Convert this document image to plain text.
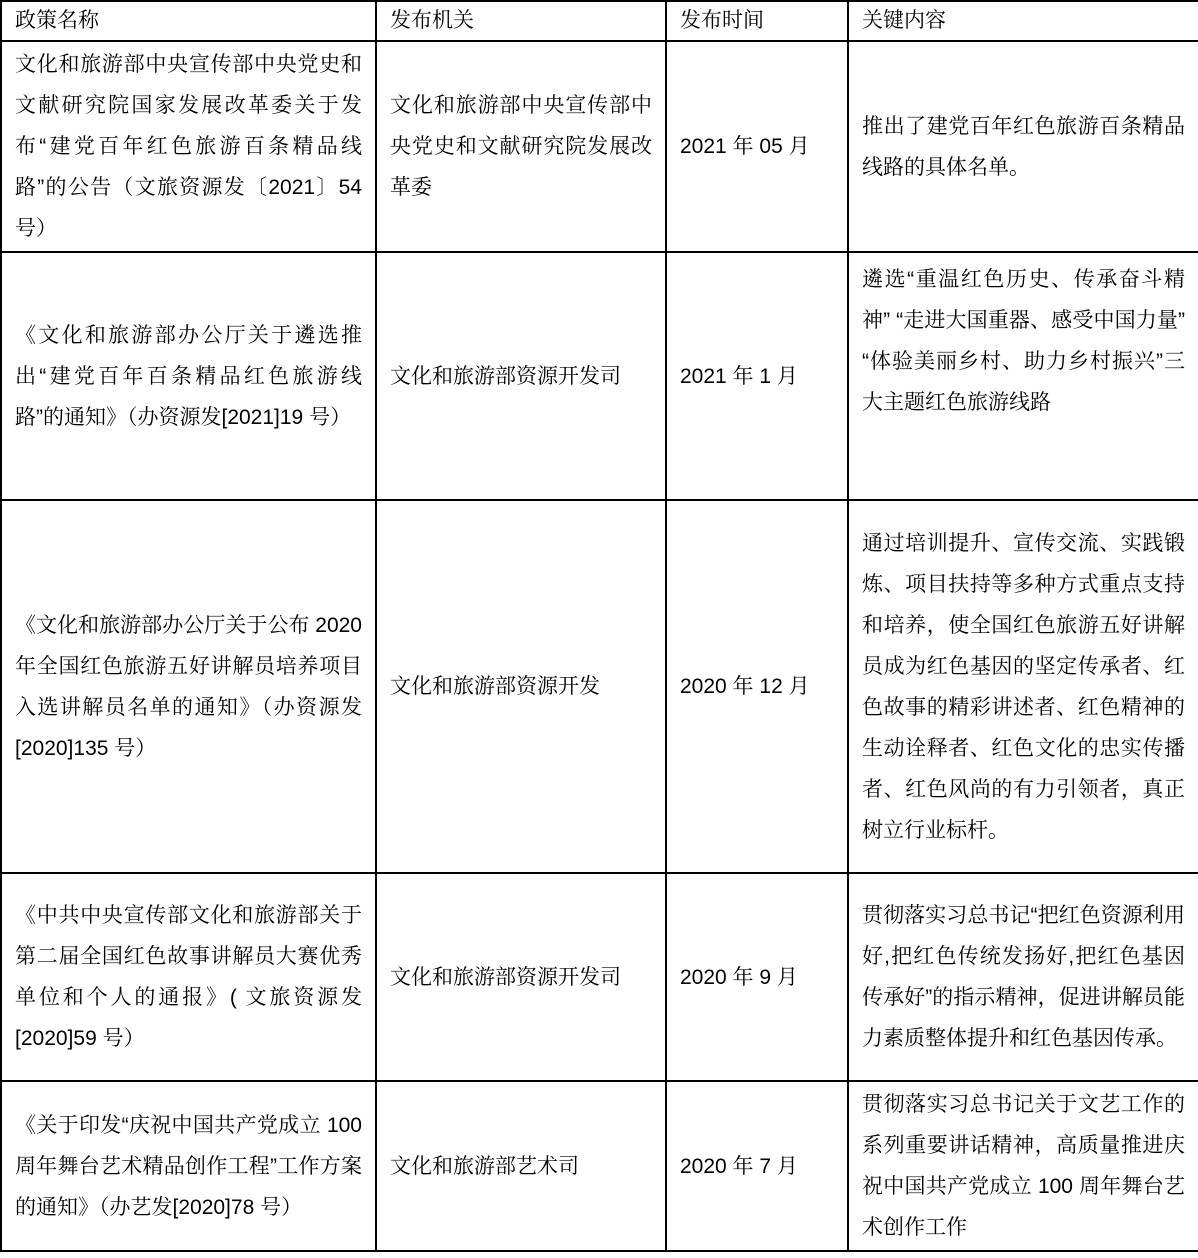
政策名称	发布机关	发布时间	关键内容
文化和旅游部中央宣传部中央党史和文献研究院国家发展改革委关于发布“建党百年红色旅游百条精品线路”的公告（文旅资源发〔2021〕54 号）	文化和旅游部中央宣传部中央党史和文献研究院发展改革委	2021 年 05 月	推出了建党百年红色旅游百条精品线路的具体名单。
《文化和旅游部办公厅关于遴选推出“建党百年百条精品红色旅游线路”的通知》（办资源发[2021]19 号）	文化和旅游部资源开发司	2021 年 1 月	遴选“重温红色历史、传承奋斗精神” “走进大国重器、感受中国力量” “体验美丽乡村、助力乡村振兴”三大主题红色旅游线路
《文化和旅游部办公厅关于公布 2020 年全国红色旅游五好讲解员培养项目入选讲解员名单的通知》（办资源发[2020]135 号）	文化和旅游部资源开发	2020 年 12 月	通过培训提升、宣传交流、实践锻炼、项目扶持等多种方式重点支持和培养，使全国红色旅游五好讲解员成为红色基因的坚定传承者、红色故事的精彩讲述者、红色精神的生动诠释者、红色文化的忠实传播者、红色风尚的有力引领者，真正树立行业标杆。
《中共中央宣传部文化和旅游部关于第二届全国红色故事讲解员大赛优秀单位和个人的通报》( 文旅资源发[2020]59 号）	文化和旅游部资源开发司	2020 年 9 月	贯彻落实习总书记“把红色资源利用好,把红色传统发扬好,把红色基因传承好”的指示精神，促进讲解员能力素质整体提升和红色基因传承。
《关于印发“庆祝中国共产党成立 100 周年舞台艺术精品创作工程”工作方案的通知》（办艺发[2020]78 号）	文化和旅游部艺术司	2020 年 7 月	贯彻落实习总书记关于文艺工作的系列重要讲话精神，高质量推进庆祝中国共产党成立 100 周年舞台艺术创作工作
